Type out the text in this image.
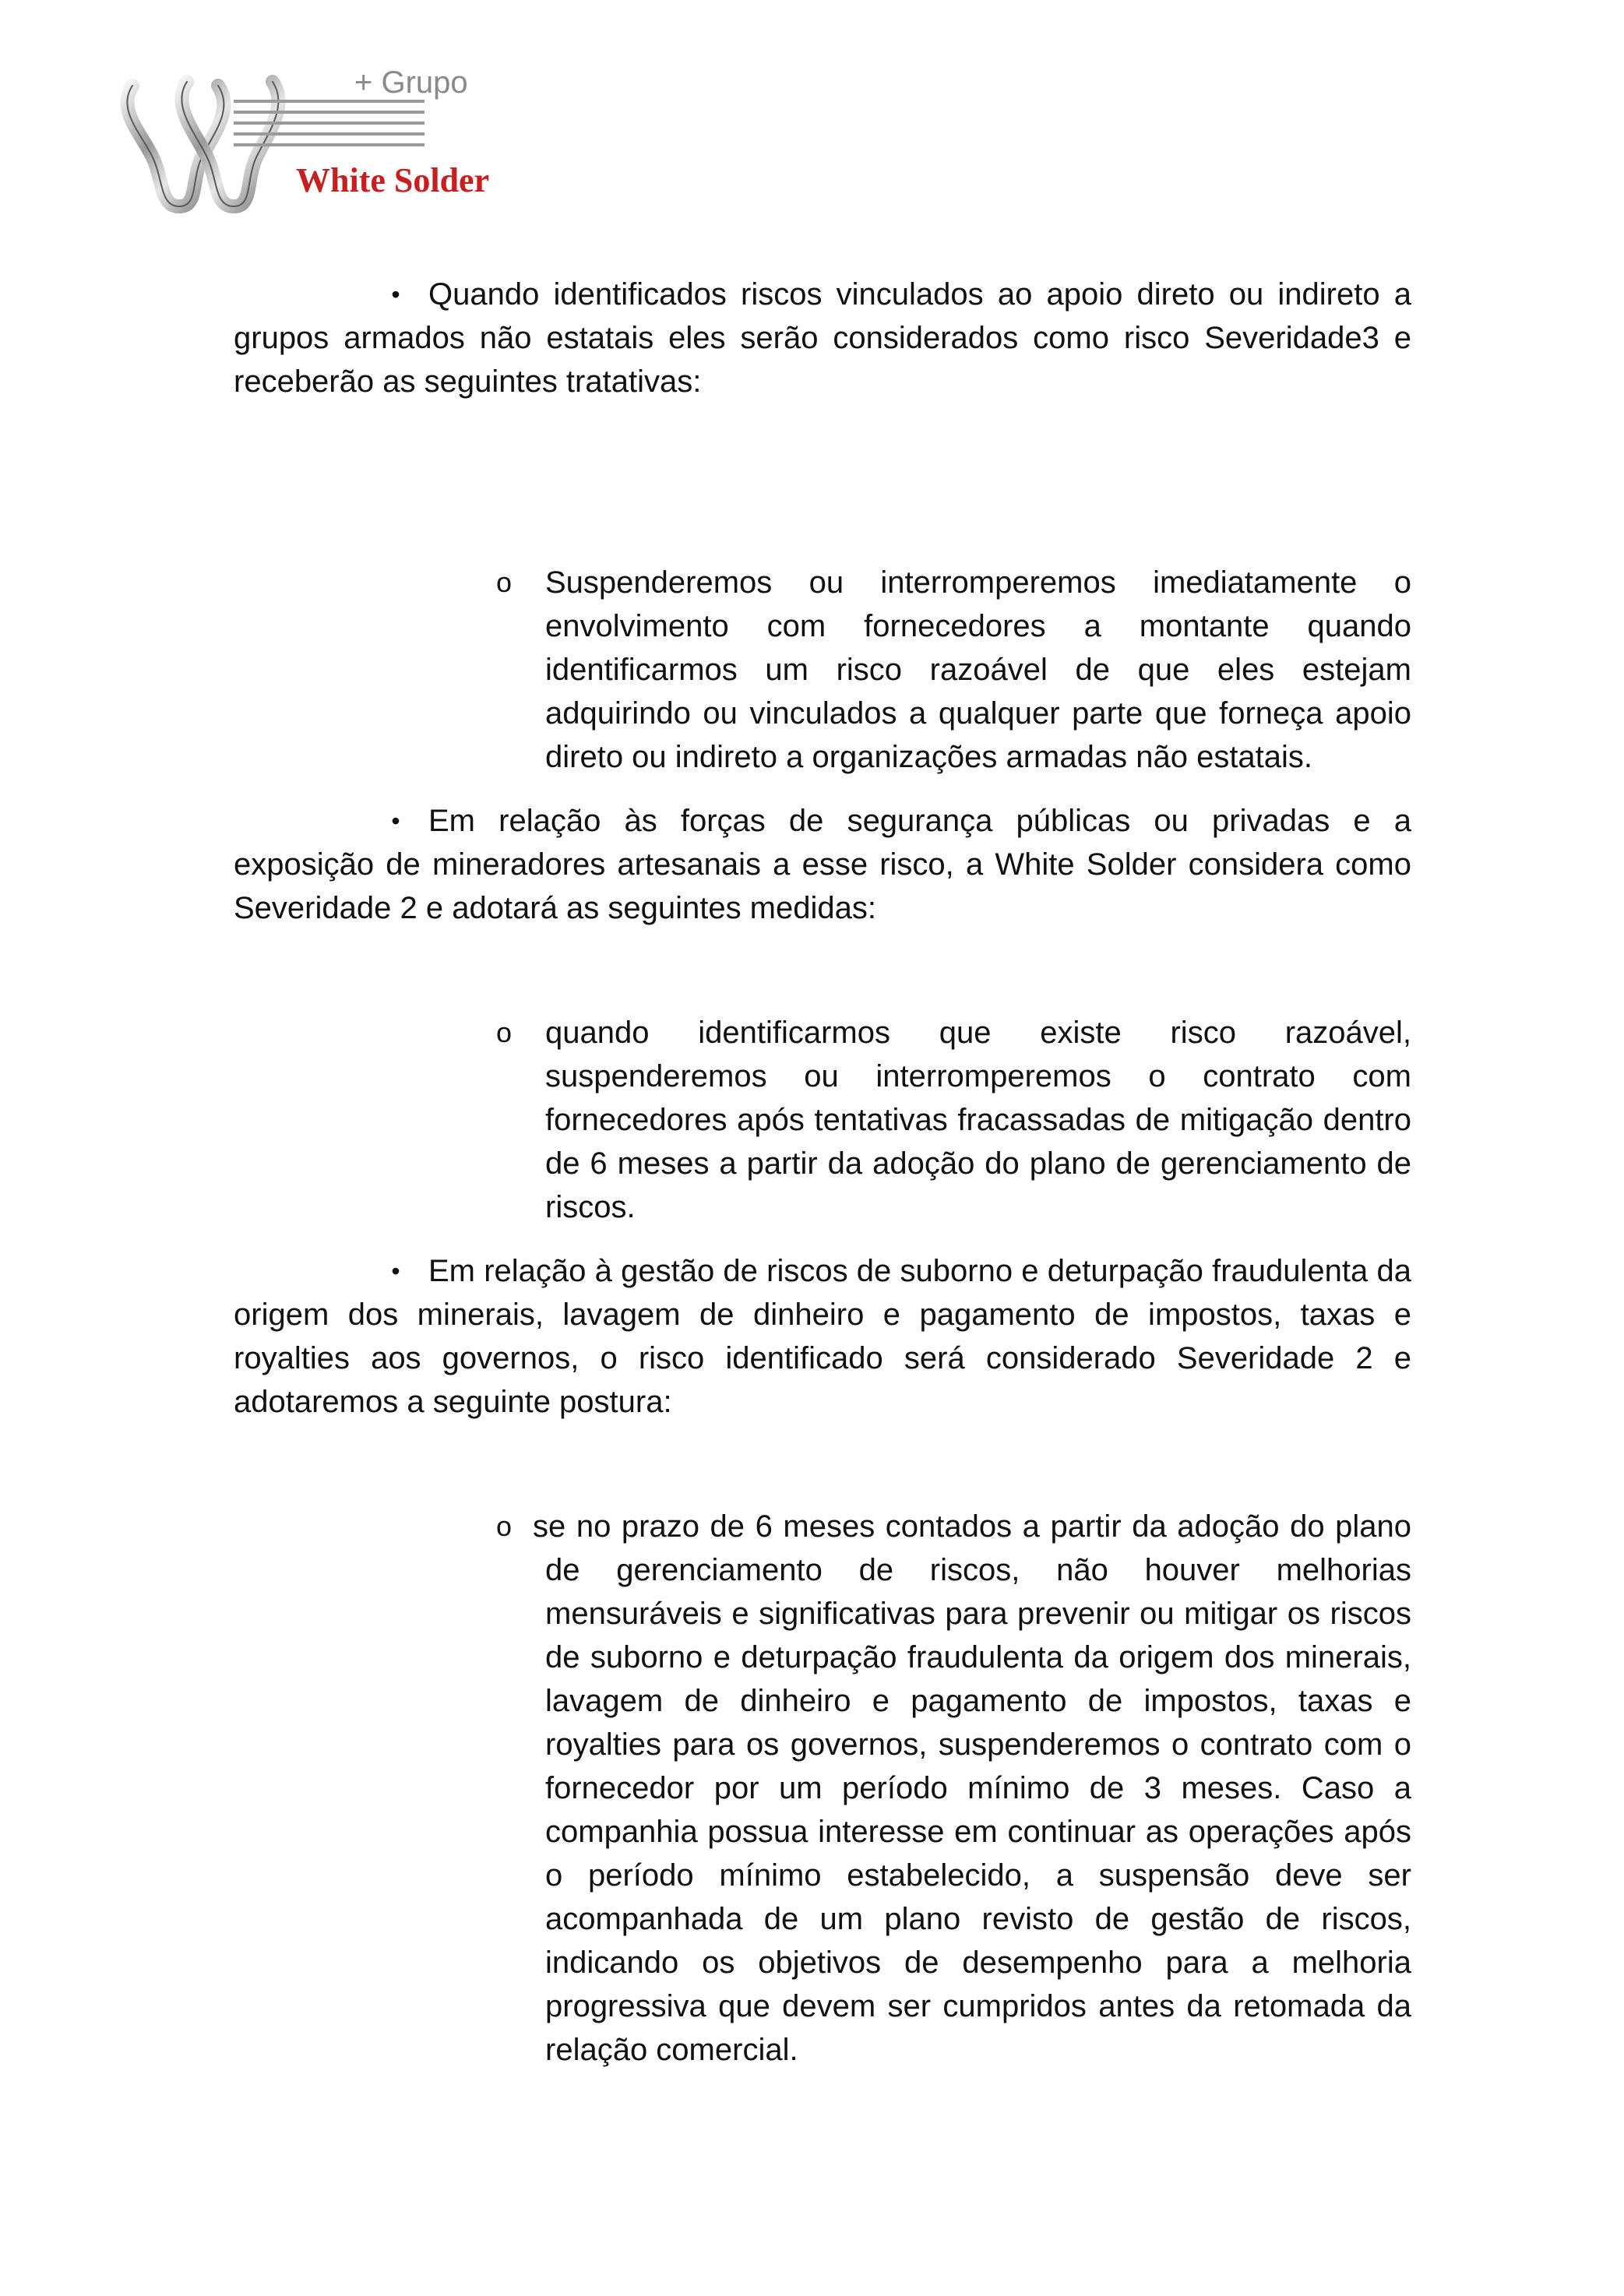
+ Grupo
White Solder

• Quando identificados riscos vinculados ao apoio direto ou indireto a grupos armados não estatais eles serão considerados como risco Severidade3 e receberão as seguintes tratativas:

o Suspenderemos ou interromperemos imediatamente o envolvimento com fornecedores a montante quando identificarmos um risco razoável de que eles estejam adquirindo ou vinculados a qualquer parte que forneça apoio direto ou indireto a organizações armadas não estatais.

• Em relação às forças de segurança públicas ou privadas e a exposição de mineradores artesanais a esse risco, a White Solder considera como Severidade 2 e adotará as seguintes medidas:

o quando identificarmos que existe risco razoável, suspenderemos ou interromperemos o contrato com fornecedores após tentativas fracassadas de mitigação dentro de 6 meses a partir da adoção do plano de gerenciamento de riscos.

• Em relação à gestão de riscos de suborno e deturpação fraudulenta da origem dos minerais, lavagem de dinheiro e pagamento de impostos, taxas e royalties aos governos, o risco identificado será considerado Severidade 2 e adotaremos a seguinte postura:

o se no prazo de 6 meses contados a partir da adoção do plano de gerenciamento de riscos, não houver melhorias mensuráveis e significativas para prevenir ou mitigar os riscos de suborno e deturpação fraudulenta da origem dos minerais, lavagem de dinheiro e pagamento de impostos, taxas e royalties para os governos, suspenderemos o contrato com o fornecedor por um período mínimo de 3 meses. Caso a companhia possua interesse em continuar as operações após o período mínimo estabelecido, a suspensão deve ser acompanhada de um plano revisto de gestão de riscos, indicando os objetivos de desempenho para a melhoria progressiva que devem ser cumpridos antes da retomada da relação comercial.
